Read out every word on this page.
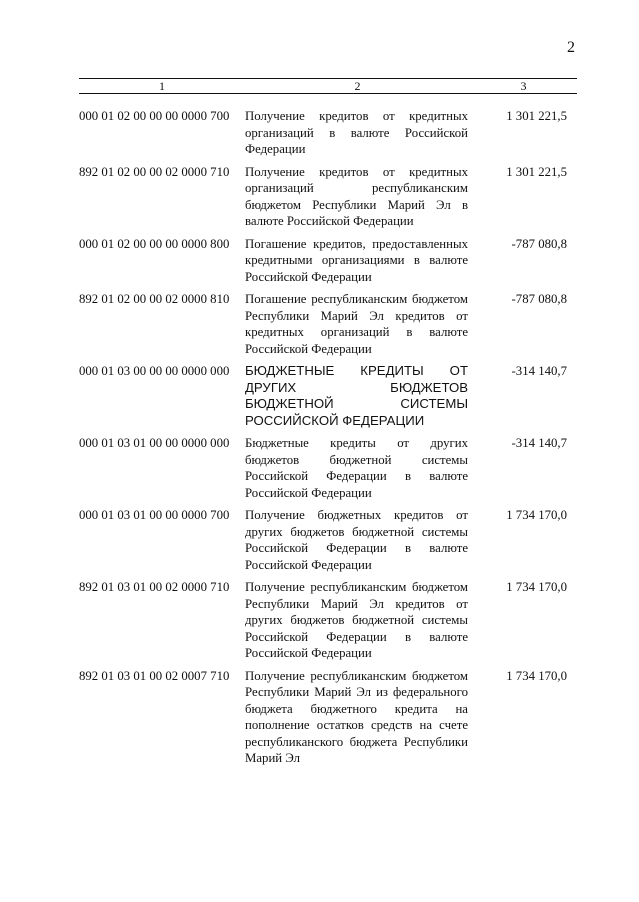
2
1	2	3
000 01 02 00 00 00 0000 700 Получение кредитов от кредитных организаций в валюте Российской Федерации
1 301 221,5
892 01 02 00 00 02 0000 710 Получение кредитов от кредитных организаций республиканским бюджетом Республики Марий Эл в валюте Российской Федерации
1 301 221,5
000 01 02 00 00 00 0000 800 Погашение кредитов, предоставленных кредитными организациями в валюте Российской Федерации
-787 080,8
892 01 02 00 00 02 0000 810 Погашение республиканским бюджетом Республики Марий Эл кредитов от кредитных организаций в валюте Российской Федерации
-787 080,8
000 01 03 00 00 00 0000 000 БЮДЖЕТНЫЕ КРЕДИТЫ ОТ ДРУГИХ БЮДЖЕТОВ БЮДЖЕТНОЙ СИСТЕМЫ РОССИЙСКОЙ ФЕДЕРАЦИИ
-314 140,7
000 01 03 01 00 00 0000 000 Бюджетные кредиты от других бюджетов бюджетной системы Российской Федерации в валюте Российской Федерации
-314 140,7
000 01 03 01 00 00 0000 700 Получение бюджетных кредитов от других бюджетов бюджетной системы Российской Федерации в валюте Российской Федерации
1 734 170,0
892 01 03 01 00 02 0000 710 Получение республиканским бюджетом Республики Марий Эл кредитов от других бюджетов бюджетной системы Российской Федерации в валюте Российской Федерации
1 734 170,0
892 01 03 01 00 02 0007 710 Получение республиканским бюджетом Республики Марий Эл из федерального бюджета бюджетного кредита на пополнение остатков средств на счете республиканского бюджета Республики Марий Эл
1 734 170,0
